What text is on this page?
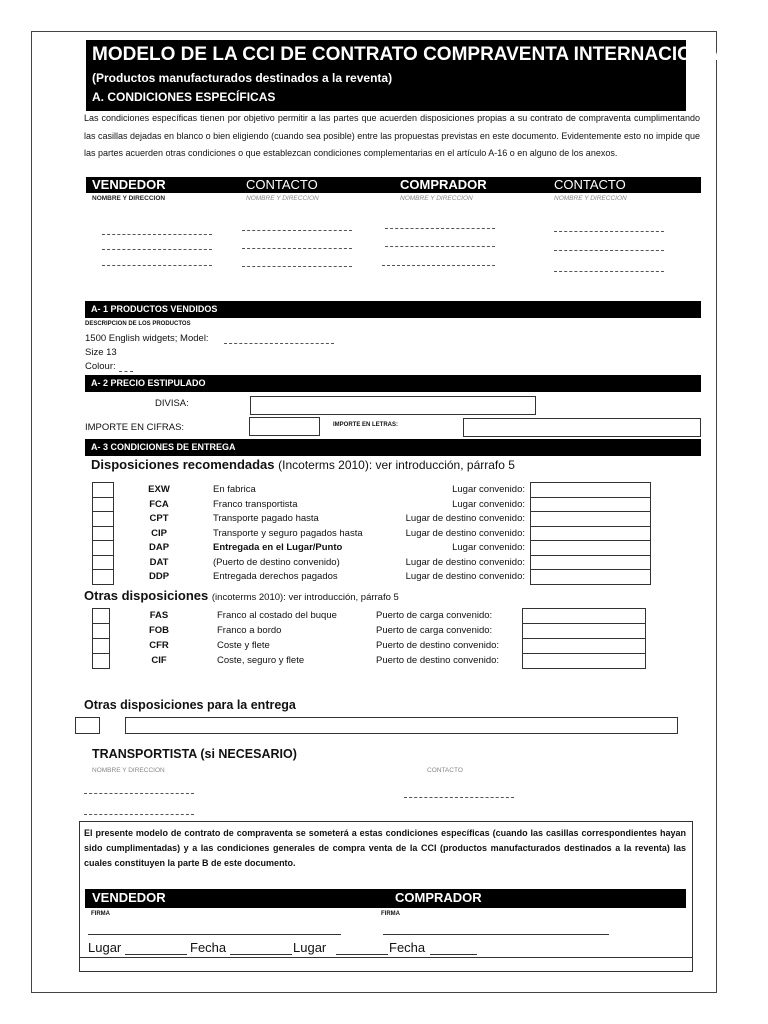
MODELO DE LA CCI DE CONTRATO COMPRAVENTA INTERNACIONAL
(Productos manufacturados destinados a la reventa)
A. CONDICIONES ESPECÍFICAS
Las condiciones específicas tienen por objetivo permitir a las partes que acuerden disposiciones propias a su contrato de compraventa cumplimentando las casillas dejadas en blanco o bien eligiendo (cuando sea posible) entre las propuestas previstas en este documento. Evidentemente esto no impide que las partes acuerden otras condiciones o que establezcan condiciones complementarias en el artículo A-16 o en alguno de los anexos.
VENDEDOR	CONTACTO	COMPRADOR	CONTACTO
NOMBRE Y DIRECCION	NOMBRE Y DIRECCION	NOMBRE Y DIRECCION	NOMBRE Y DIRECCION
A- 1 PRODUCTOS VENDIDOS
DESCRIPCION DE LOS PRODUCTOS
1500 English widgets; Model:
Size 13
Colour:
A- 2 PRECIO ESTIPULADO
DIVISA:
IMPORTE EN CIFRAS:	IMPORTE EN LETRAS:
A- 3 CONDICIONES DE ENTREGA
Disposiciones recomendadas (Incoterms 2010): ver introducción, párrafo 5
EXW	En fabrica	Lugar convenido:
FCA	Franco transportista	Lugar convenido:
CPT	Transporte pagado hasta	Lugar de destino convenido:
CIP	Transporte y seguro pagados hasta	Lugar de destino convenido:
DAP	Entregada en el Lugar/Punto	Lugar convenido:
DAT	(Puerto de destino convenido)	Lugar de destino convenido:
DDP	Entregada derechos pagados	Lugar de destino convenido:
Otras disposiciones (incoterms 2010): ver introducción, párrafo 5
FAS	Franco al costado del buque	Puerto de carga convenido:
FOB	Franco a bordo	Puerto de carga convenido:
CFR	Coste y flete	Puerto de destino convenido:
CIF	Coste, seguro y flete	Puerto de destino convenido:
Otras disposiciones para la entrega
TRANSPORTISTA (si NECESARIO)
NOMBRE Y DIRECCION	CONTACTO
El presente modelo de contrato de compraventa se someterá a estas condiciones específicas (cuando las casillas correspondientes hayan sido cumplimentadas) y a las condiciones generales de compra venta de la CCI (productos manufacturados destinados a la reventa) las cuales constituyen la parte B de este documento.
VENDEDOR	COMPRADOR
FIRMA	FIRMA
Lugar	Fecha	Lugar	Fecha
